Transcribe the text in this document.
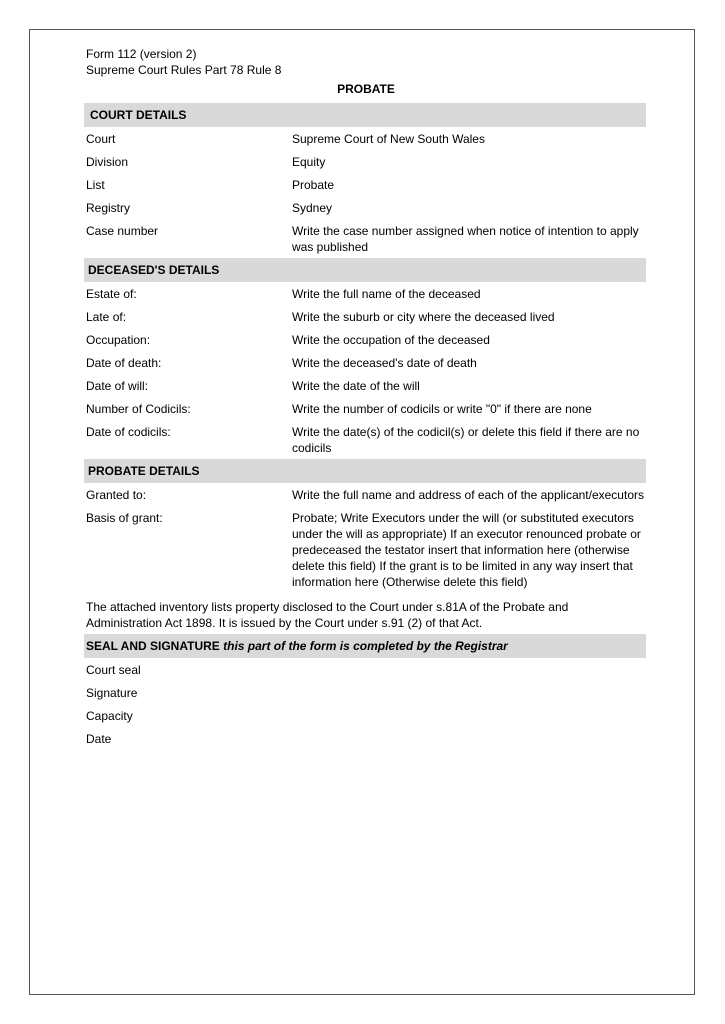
Form 112 (version 2)
Supreme Court Rules Part 78 Rule 8
PROBATE
COURT DETAILS
Court	Supreme Court of New South Wales
Division	Equity
List	Probate
Registry	Sydney
Case number	Write the case number assigned when notice of intention to apply was published
DECEASED'S DETAILS
Estate of:	Write the full name of the deceased
Late of:	Write the suburb or city where the deceased lived
Occupation:	Write the occupation of the deceased
Date of death:	Write the deceased's date of death
Date of will:	Write the date of the will
Number of Codicils:	Write the number of codicils or write "0" if there are none
Date of codicils:	Write the date(s) of the codicil(s) or delete this field if there are no codicils
PROBATE DETAILS
Granted to:	Write the full name and address of each of the applicant/executors
Basis of grant:	Probate; Write Executors under the will (or substituted executors under the will as appropriate) If an executor renounced probate or predeceased the testator insert that information here (otherwise delete this field) If the grant is to be limited in any way insert that information here (Otherwise delete this field)
The attached inventory lists property disclosed to the Court under s.81A of the Probate and Administration Act 1898. It is issued by the Court under s.91 (2) of that Act.
SEAL AND SIGNATURE this part of the form is completed by the Registrar
Court seal
Signature
Capacity
Date
